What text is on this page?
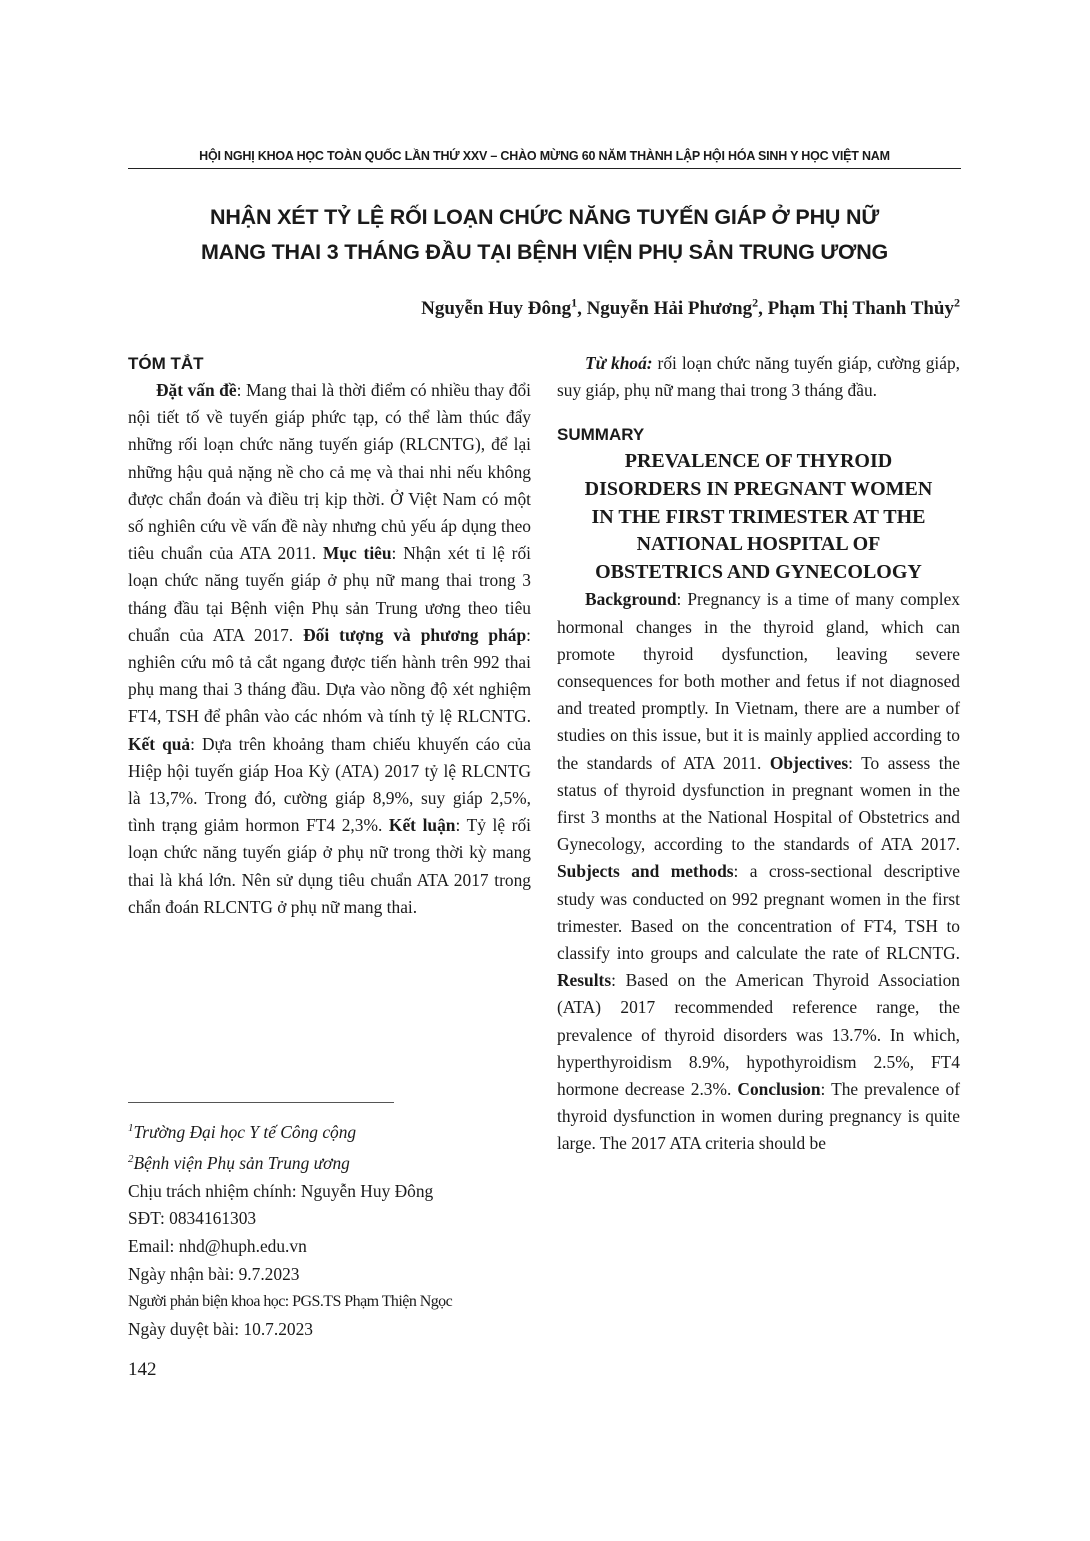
HỘI NGHỊ KHOA HỌC TOÀN QUỐC LẦN THỨ XXV – CHÀO MỪNG 60 NĂM THÀNH LẬP HỘI HÓA SINH Y HỌC VIỆT NAM
NHẬN XÉT TỶ LỆ RỐI LOẠN CHỨC NĂNG TUYẾN GIÁP Ở PHỤ NỮ
MANG THAI 3 THÁNG ĐẦU TẠI BỆNH VIỆN PHỤ SẢN TRUNG ƯƠNG
Nguyễn Huy Đông$^1$, Nguyễn Hải Phương$^2$, Phạm Thị Thanh Thủy$^2$
TÓM TẮT

Đặt vấn đề: Mang thai là thời điểm có nhiều thay đổi nội tiết tố về tuyến giáp phức tạp, có thể làm thúc đẩy những rối loạn chức năng tuyến giáp (RLCNTG), để lại những hậu quả nặng nề cho cả mẹ và thai nhi nếu không được chẩn đoán và điều trị kịp thời. Ở Việt Nam có một số nghiên cứu về vấn đề này nhưng chủ yếu áp dụng theo tiêu chuẩn của ATA 2011. Mục tiêu: Nhận xét tỉ lệ rối loạn chức năng tuyến giáp ở phụ nữ mang thai trong 3 tháng đầu tại Bệnh viện Phụ sản Trung ương theo tiêu chuẩn của ATA 2017. Đối tượng và phương pháp: nghiên cứu mô tả cắt ngang được tiến hành trên 992 thai phụ mang thai 3 tháng đầu. Dựa vào nồng độ xét nghiệm FT4, TSH để phân vào các nhóm và tính tỷ lệ RLCNTG. Kết quả: Dựa trên khoảng tham chiếu khuyến cáo của Hiệp hội tuyến giáp Hoa Kỳ (ATA) 2017 tỷ lệ RLCNTG là 13,7%. Trong đó, cường giáp 8,9%, suy giáp 2,5%, tình trạng giảm hormon FT4 2,3%. Kết luận: Tỷ lệ rối loạn chức năng tuyến giáp ở phụ nữ trong thời kỳ mang thai là khá lớn. Nên sử dụng tiêu chuẩn ATA 2017 trong chẩn đoán RLCNTG ở phụ nữ mang thai.

Từ khoá: rối loạn chức năng tuyến giáp, cường giáp, suy giáp, phụ nữ mang thai trong 3 tháng đầu.

SUMMARY

PREVALENCE OF THYROID

DISORDERS IN PREGNANT WOMEN

IN THE FIRST TRIMESTER AT THE

NATIONAL HOSPITAL OF

OBSTETRICS AND GYNECOLOGY

Background: Pregnancy is a time of many complex hormonal changes in the thyroid gland, which can promote thyroid dysfunction, leaving severe consequences for both mother and fetus if not diagnosed and treated promptly. In Vietnam, there are a number of studies on this issue, but it is mainly applied according to the standards of ATA 2011. Objectives: To assess the status of thyroid dysfunction in pregnant women in the first 3 months at the National Hospital of Obstetrics and Gynecology, according to the standards of ATA 2017. Subjects and methods: a cross-sectional descriptive study was conducted on 992 pregnant women in the first trimester. Based on the concentration of FT4, TSH to classify into groups and calculate the rate of RLCNTG. Results: Based on the American Thyroid Association (ATA) 2017 recommended reference range, the prevalence of thyroid disorders was 13.7%. In which, hyperthyroidism 8.9%, hypothyroidism 2.5%, FT4 hormone decrease 2.3%. Conclusion: The prevalence of thyroid dysfunction in women during pregnancy is quite large. The 2017 ATA criteria should be

$^1$Trường Đại học Y tế Công cộng
$^2$Bệnh viện Phụ sản Trung ương
Chịu trách nhiệm chính: Nguyễn Huy Đông
SĐT: 0834161303
Email: nhd@huph.edu.vn
Ngày nhận bài: 9.7.2023
Người phản biện khoa học: PGS.TS Phạm Thiện Ngọc
Ngày duyệt bài: 10.7.2023
142
